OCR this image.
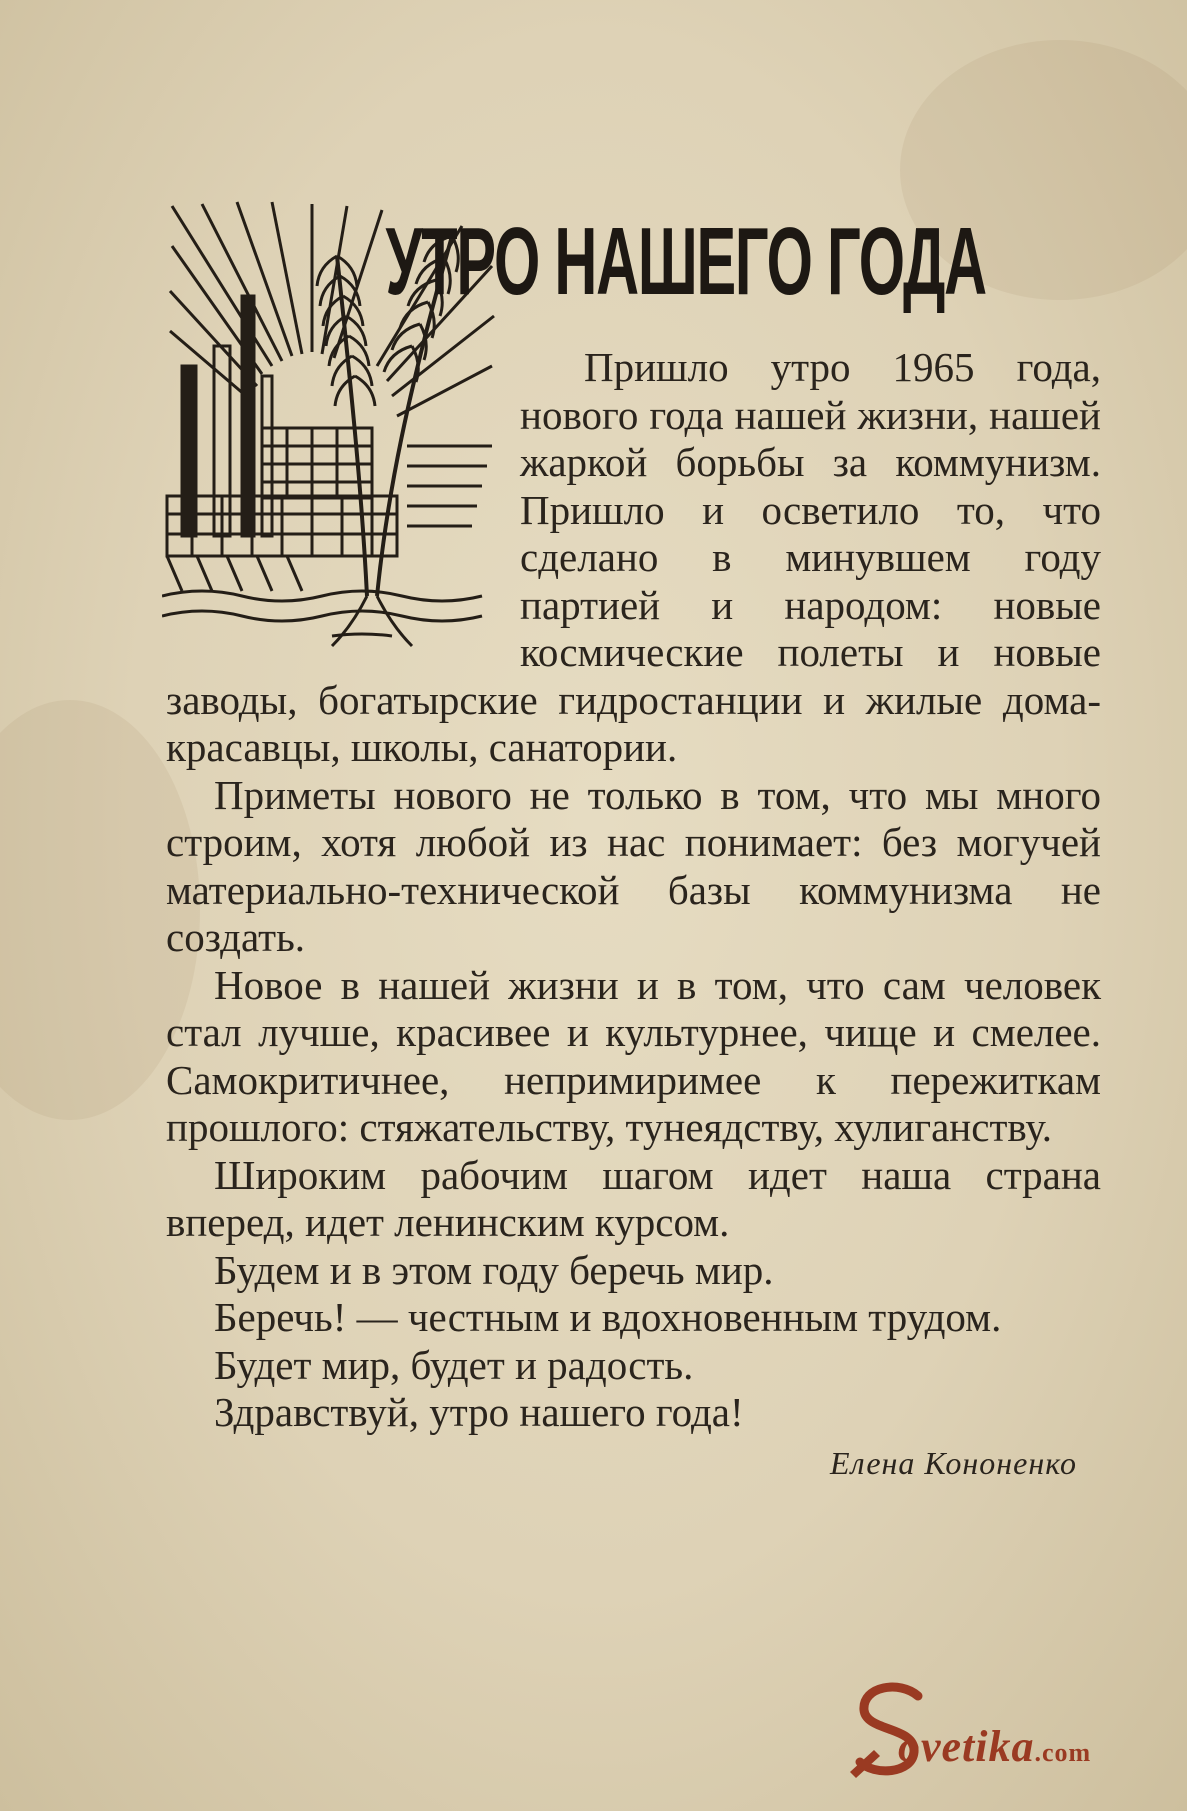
УТРО НАШЕГО ГОДА

Пришло утро 1965 года, нового года нашей жизни, нашей жаркой борьбы за коммунизм. Пришло и осветило то, что сделано в минувшем году партией и народом: новые космические полеты и новые заводы, богатырские гидростанции и жилые дома-красавцы, школы, санатории.

Приметы нового не только в том, что мы много строим, хотя любой из нас понимает: без могучей материально-технической базы коммунизма не создать.

Новое в нашей жизни и в том, что сам человек стал лучше, красивее и культурнее, чище и смелее. Самокритичнее, непримиримее к пережиткам прошлого: стяжательству, тунеядству, хулиганству.

Широким рабочим шагом идет наша страна вперед, идет ленинским курсом.

Будем и в этом году беречь мир.

Беречь! — честным и вдохновенным трудом.

Будет мир, будет и радость.

Здравствуй, утро нашего года!

Елена Кононенко
ovetika.com
